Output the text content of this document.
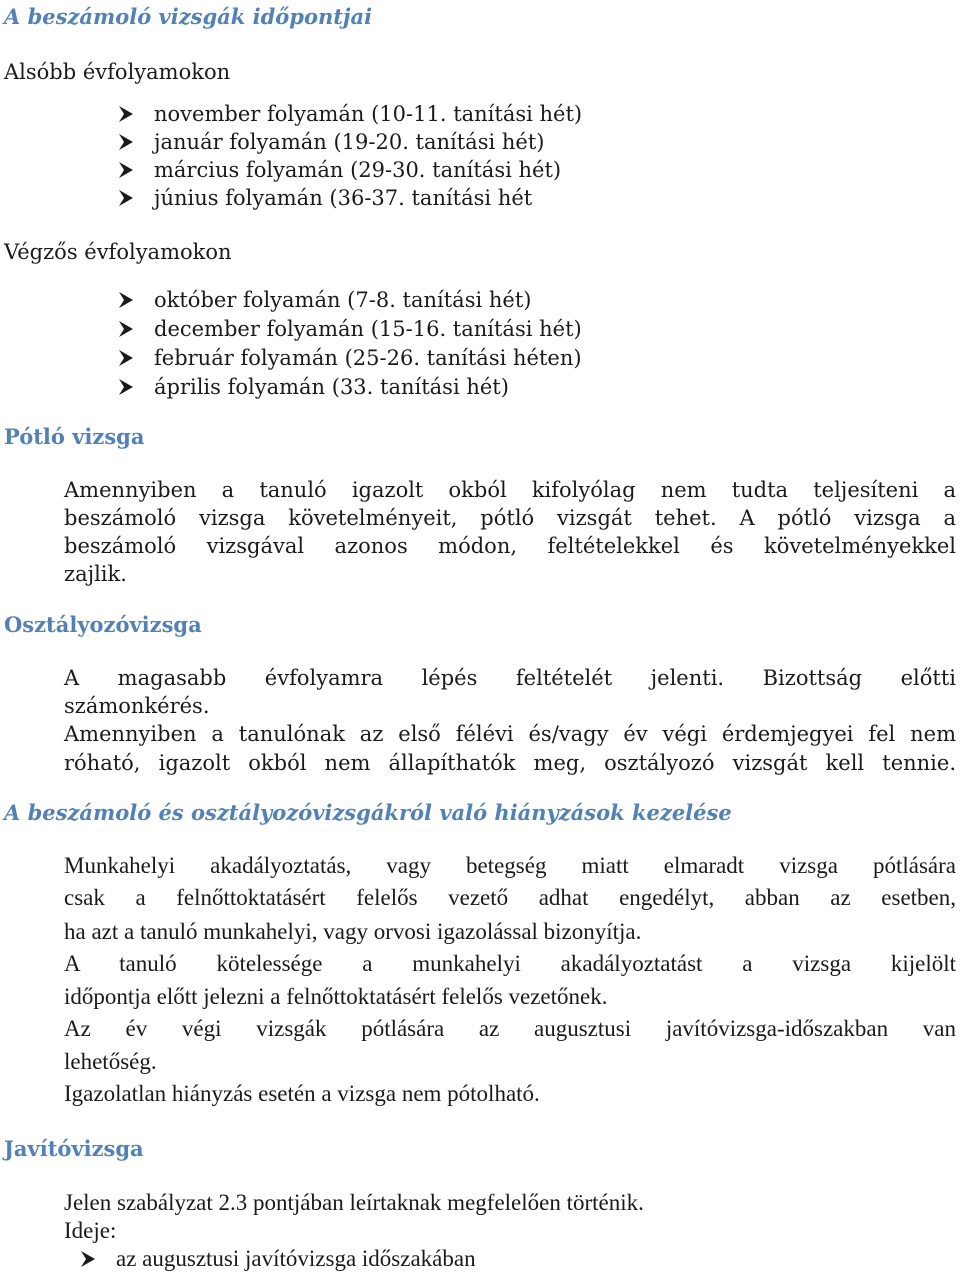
A beszámoló vizsgák időpontjai
Alsóbb évfolyamokon
november folyamán (10-11. tanítási hét)
január folyamán (19-20. tanítási hét)
március folyamán (29-30. tanítási hét)
június folyamán (36-37. tanítási hét
Végzős évfolyamokon
október folyamán (7-8. tanítási hét)
december folyamán (15-16. tanítási hét)
február folyamán (25-26. tanítási héten)
április folyamán (33. tanítási hét)
Pótló vizsga
Amennyiben a tanuló igazolt okból kifolyólag nem tudta teljesíteni a
beszámoló vizsga követelményeit, pótló vizsgát tehet. A pótló vizsga a
beszámoló vizsgával azonos módon, feltételekkel és követelményekkel
zajlik.
Osztályozóvizsga
A magasabb évfolyamra lépés feltételét jelenti. Bizottság előtti
számonkérés.
Amennyiben a tanulónak az első félévi és/vagy év végi érdemjegyei fel nem
róható, igazolt okból nem állapíthatók meg, osztályozó vizsgát kell tennie.
A beszámoló és osztályozóvizsgákról való hiányzások kezelése
Munkahelyi akadályoztatás, vagy betegség miatt elmaradt vizsga pótlására
csak a felnőttoktatásért felelős vezető adhat engedélyt, abban az esetben,
ha azt a tanuló munkahelyi, vagy orvosi igazolással bizonyítja.
A tanuló kötelessége a munkahelyi akadályoztatást a vizsga kijelölt
időpontja előtt jelezni a felnőttoktatásért felelős vezetőnek.
Az év végi vizsgák pótlására az augusztusi javítóvizsga-időszakban van
lehetőség.
Igazolatlan hiányzás esetén a vizsga nem pótolható.
Javítóvizsga
Jelen szabályzat 2.3 pontjában leírtaknak megfelelően történik.
Ideje:
az augusztusi javítóvizsga időszakában
